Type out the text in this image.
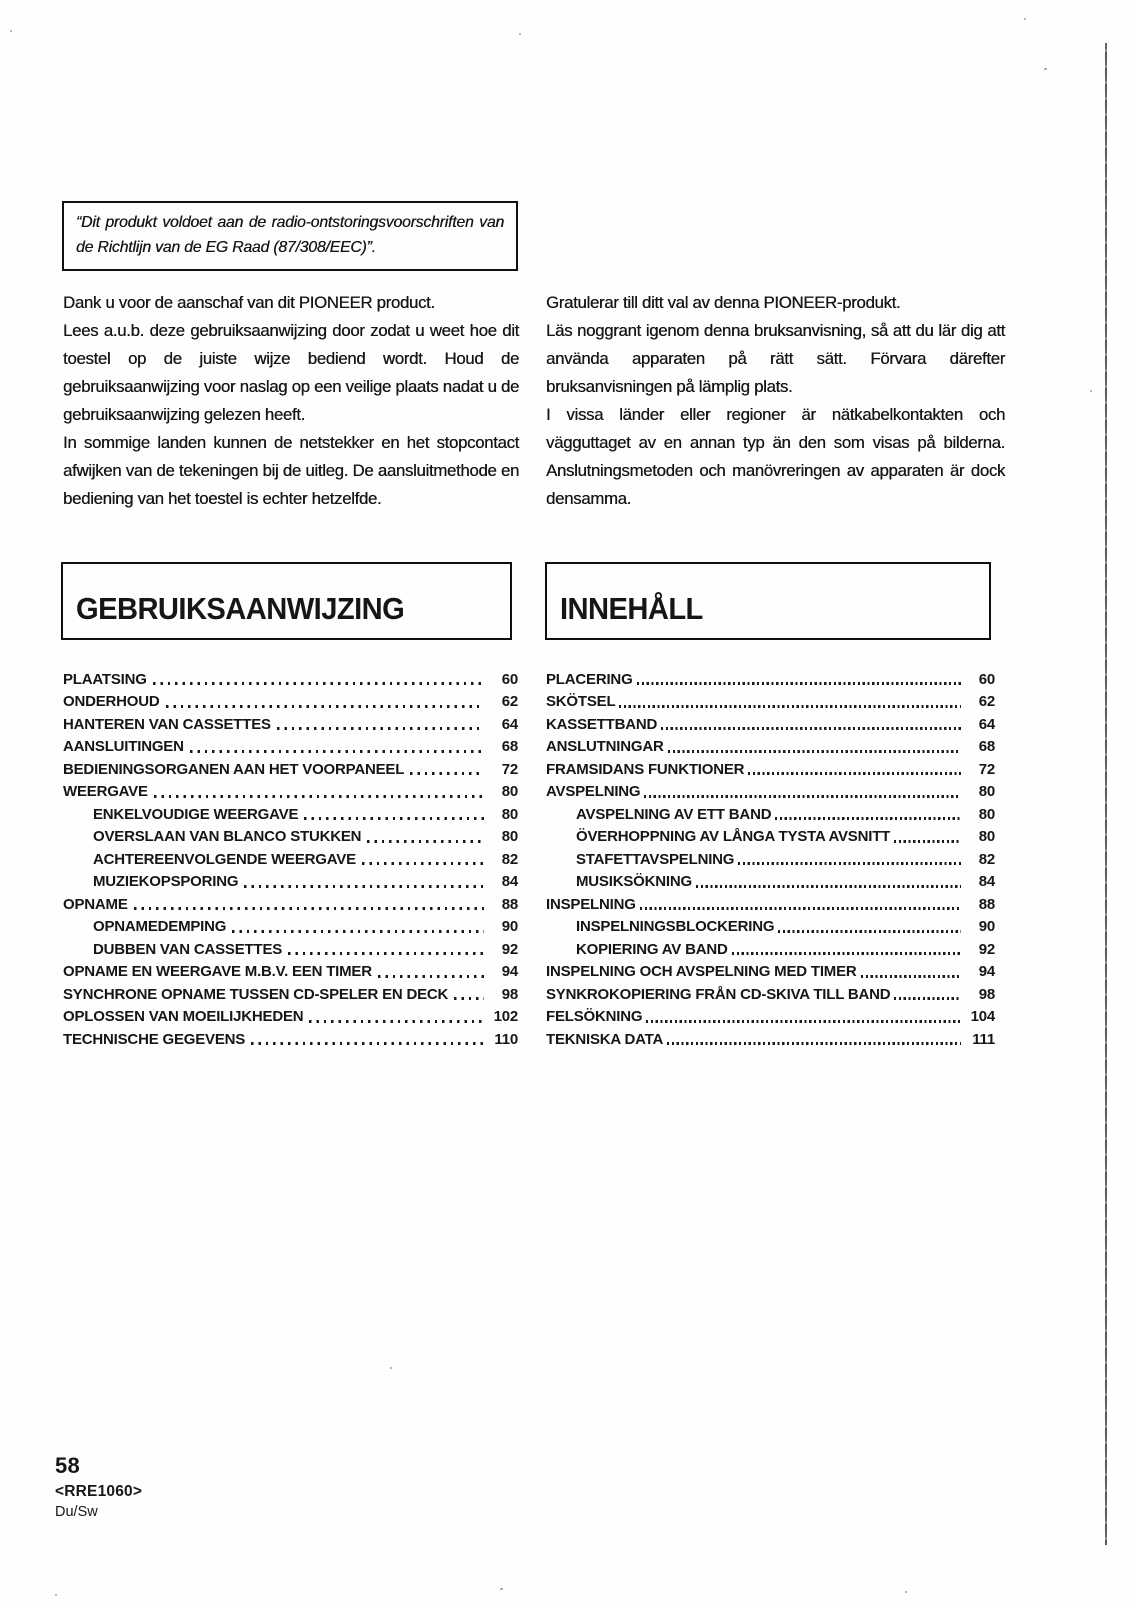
“Dit produkt voldoet aan de radio-ontstoringsvoorschriften van de Richtlijn van de EG Raad (87/308/EEC)”.

Dank u voor de aanschaf van dit PIONEER product.

Lees a.u.b. deze gebruiksaanwijzing door zodat u weet hoe dit toestel op de juiste wijze bediend wordt. Houd de gebruiksaanwijzing voor naslag op een veilige plaats nadat u de gebruiksaanwijzing gelezen heeft.

In sommige landen kunnen de netstekker en het stopcontact afwijken van de tekeningen bij de uitleg. De aansluitmethode en bediening van het toestel is echter hetzelfde.

Gratulerar till ditt val av denna PIONEER-produkt.

Läs noggrant igenom denna bruksanvisning, så att du lär dig att använda apparaten på rätt sätt. Förvara därefter bruksanvisningen på lämplig plats.

I vissa länder eller regioner är nätkabelkontakten och vägguttaget av en annan typ än den som visas på bilderna. Anslutningsmetoden och manövreringen av apparaten är dock densamma.

GEBRUIKSAANWIJZING	INNEHÅLL
PLAATSING	60
ONDERHOUD	62
HANTEREN VAN CASSETTES	64
AANSLUITINGEN	68
BEDIENINGSORGANEN AAN HET VOORPANEEL	72
WEERGAVE	80
ENKELVOUDIGE WEERGAVE	80
OVERSLAAN VAN BLANCO STUKKEN	80
ACHTEREENVOLGENDE WEERGAVE	82
MUZIEKOPSPORING	84
OPNAME	88
OPNAMEDEMPING	90
DUBBEN VAN CASSETTES	92
OPNAME EN WEERGAVE M.B.V. EEN TIMER	94
SYNCHRONE OPNAME TUSSEN CD-SPELER EN DECK	98
OPLOSSEN VAN MOEILIJKHEDEN	102
TECHNISCHE GEGEVENS	110
PLACERING	60
SKÖTSEL	62
KASSETTBAND	64
ANSLUTNINGAR	68
FRAMSIDANS FUNKTIONER	72
AVSPELNING	80
AVSPELNING AV ETT BAND	80
ÖVERHOPPNING AV LÅNGA TYSTA AVSNITT	80
STAFETTAVSPELNING	82
MUSIKSÖKNING	84
INSPELNING	88
INSPELNINGSBLOCKERING	90
KOPIERING AV BAND	92
INSPELNING OCH AVSPELNING MED TIMER	94
SYNKROKOPIERING FRÅN CD-SKIVA TILL BAND	98
FELSÖKNING	104
TEKNISKA DATA	111
58
<RRE1060>
Du/Sw
